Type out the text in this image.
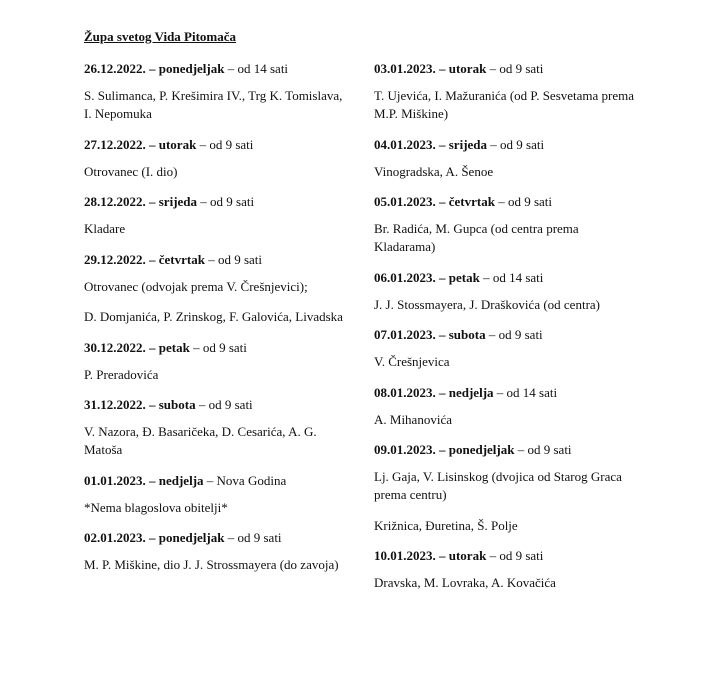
Župa svetog Vida Pitomača
26.12.2022. – ponedjeljak – od 14 sati
S. Sulimanca, P. Krešimira IV., Trg K. Tomislava, I. Nepomuka
27.12.2022. – utorak – od 9 sati
Otrovanec (I. dio)
28.12.2022. – srijeda – od 9 sati
Kladare
29.12.2022. – četvrtak – od 9 sati
Otrovanec (odvojak prema V. Črešnjevici);
D. Domjanića, P. Zrinskog, F. Galovića, Livadska
30.12.2022. – petak – od 9 sati
P. Preradovića
31.12.2022. – subota – od 9 sati
V. Nazora, Đ. Basaričeka, D. Cesarića, A. G. Matoša
01.01.2023. – nedjelja – Nova Godina
*Nema blagoslova obitelji*
02.01.2023. – ponedjeljak – od 9 sati
M. P. Miškine, dio J. J. Strossmayera (do zavoja)
03.01.2023. – utorak – od 9 sati
T. Ujevića, I. Mažuranića (od P. Sesvetama prema M.P. Miškine)
04.01.2023. – srijeda – od 9 sati
Vinogradska, A. Šenoe
05.01.2023. – četvrtak – od 9 sati
Br. Radića, M. Gupca (od centra prema Kladarama)
06.01.2023. – petak – od 14 sati
J. J. Stossmayera, J. Draškovića (od centra)
07.01.2023. – subota – od 9 sati
V. Črešnjevica
08.01.2023. – nedjelja – od 14 sati
A. Mihanovića
09.01.2023. – ponedjeljak – od 9 sati
Lj. Gaja, V. Lisinskog (dvojica od Starog Graca prema centru)
Križnica, Đuretina, Š. Polje
10.01.2023. – utorak – od 9 sati
Dravska, M. Lovraka, A. Kovačića
